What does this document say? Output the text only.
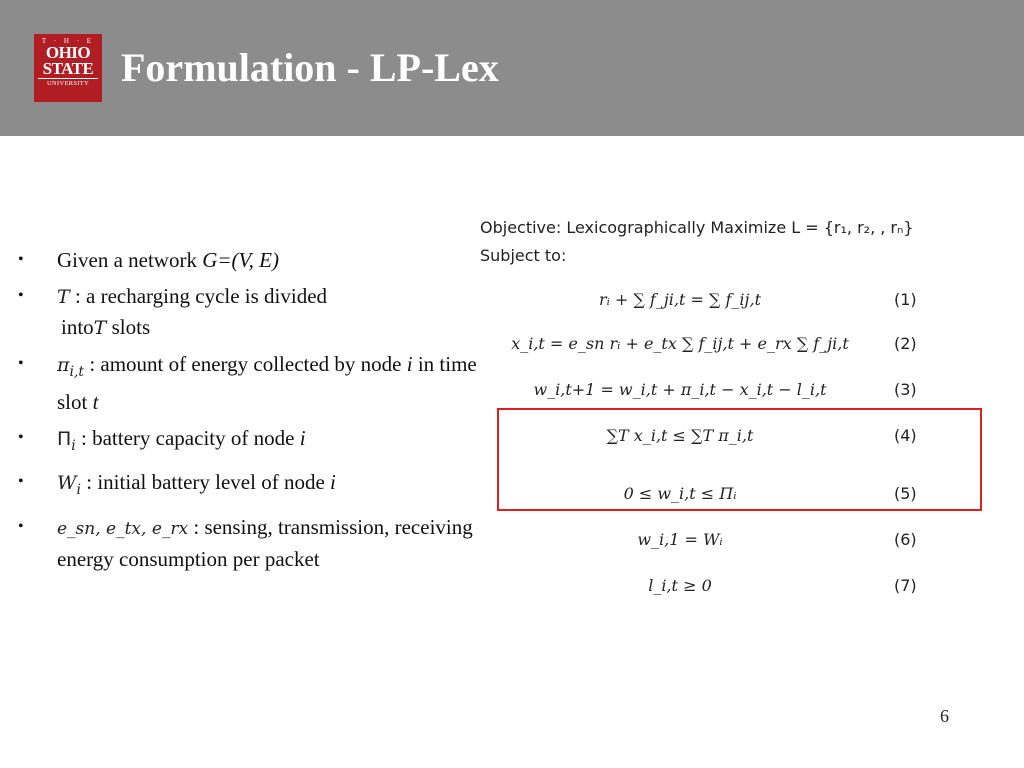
T · H · E
OHIO
STATE
UNIVERSITY Formulation - LP-Lex
• Given a network G=(V, E)
• T : a recharging cycle is divided
intoT slots
• $\pi_{i,t}$ : amount of energy collected by node i in time slot t
• $\Pi_i$ : battery capacity of node i
• $W_i$ : initial battery level of node i
• e_sn, e_tx, e_rx : sensing, transmission, receiving energy consumption per packet
Objective: Lexicographically Maximize L = {r₁, r₂, , rₙ}
Subject to:
rᵢ + ∑ f_ji,t = ∑ f_ij,t	(1)
x_i,t = e_sn rᵢ + e_tx ∑ f_ij,t + e_rx ∑ f_ji,t	(2)
w_i,t+1 = w_i,t + π_i,t − x_i,t − l_i,t	(3)
∑T x_i,t ≤ ∑T π_i,t	(4)
0 ≤ w_i,t ≤ Πᵢ	(5)
w_i,1 = Wᵢ	(6)
l_i,t ≥ 0	(7)
6
